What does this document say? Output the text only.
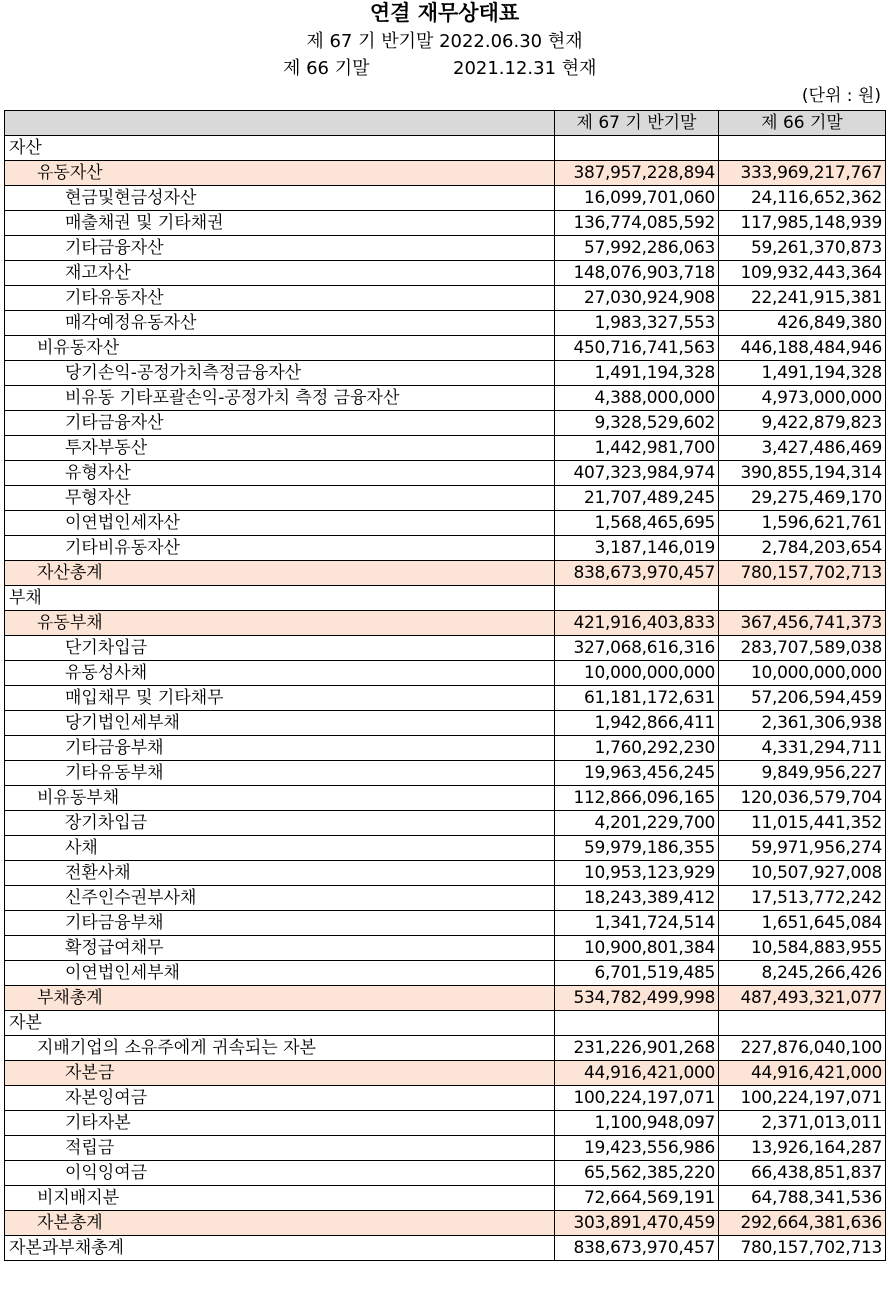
연결 재무상태표
제 67 기 반기말 2022.06.30 현재
제 66 기말	2021.12.31 현재
(단위 : 원)
	제 67 기 반기말	제 66 기말
자산		
유동자산	387,957,228,894	333,969,217,767
현금및현금성자산	16,099,701,060	24,116,652,362
매출채권 및 기타채권	136,774,085,592	117,985,148,939
기타금융자산	57,992,286,063	59,261,370,873
재고자산	148,076,903,718	109,932,443,364
기타유동자산	27,030,924,908	22,241,915,381
매각예정유동자산	1,983,327,553	426,849,380
비유동자산	450,716,741,563	446,188,484,946
당기손익-공정가치측정금융자산	1,491,194,328	1,491,194,328
비유동 기타포괄손익-공정가치 측정 금융자산	4,388,000,000	4,973,000,000
기타금융자산	9,328,529,602	9,422,879,823
투자부동산	1,442,981,700	3,427,486,469
유형자산	407,323,984,974	390,855,194,314
무형자산	21,707,489,245	29,275,469,170
이연법인세자산	1,568,465,695	1,596,621,761
기타비유동자산	3,187,146,019	2,784,203,654
자산총계	838,673,970,457	780,157,702,713
부채		
유동부채	421,916,403,833	367,456,741,373
단기차입금	327,068,616,316	283,707,589,038
유동성사채	10,000,000,000	10,000,000,000
매입채무 및 기타채무	61,181,172,631	57,206,594,459
당기법인세부채	1,942,866,411	2,361,306,938
기타금융부채	1,760,292,230	4,331,294,711
기타유동부채	19,963,456,245	9,849,956,227
비유동부채	112,866,096,165	120,036,579,704
장기차입금	4,201,229,700	11,015,441,352
사채	59,979,186,355	59,971,956,274
전환사채	10,953,123,929	10,507,927,008
신주인수권부사채	18,243,389,412	17,513,772,242
기타금융부채	1,341,724,514	1,651,645,084
확정급여채무	10,900,801,384	10,584,883,955
이연법인세부채	6,701,519,485	8,245,266,426
부채총계	534,782,499,998	487,493,321,077
자본		
지배기업의 소유주에게 귀속되는 자본	231,226,901,268	227,876,040,100
자본금	44,916,421,000	44,916,421,000
자본잉여금	100,224,197,071	100,224,197,071
기타자본	1,100,948,097	2,371,013,011
적립금	19,423,556,986	13,926,164,287
이익잉여금	65,562,385,220	66,438,851,837
비지배지분	72,664,569,191	64,788,341,536
자본총계	303,891,470,459	292,664,381,636
자본과부채총계	838,673,970,457	780,157,702,713
